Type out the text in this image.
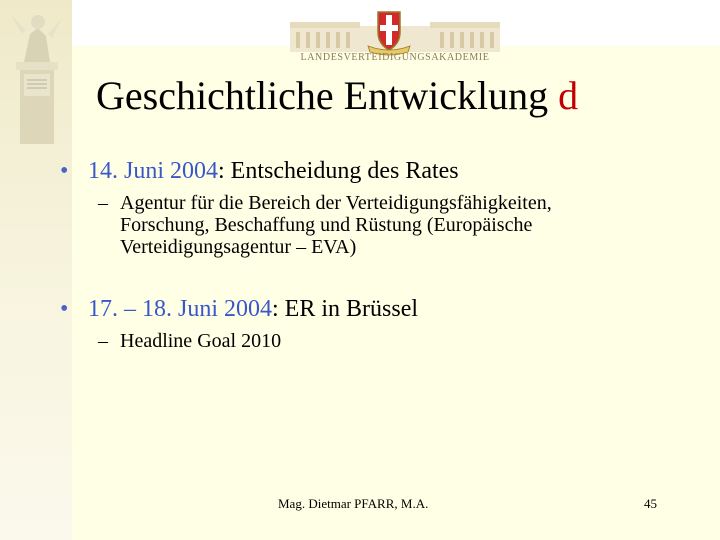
LANDESVERTEIDIGUNGSAKADEMIE
Geschichtliche Entwicklung d
• 14. Juni 2004: Entscheidung des Rates
– Agentur für die Bereich der Verteidigungsfähigkeiten,
Forschung, Beschaffung und Rüstung (Europäische
Verteidigungsagentur – EVA)
• 17. – 18. Juni 2004: ER in Brüssel
– Headline Goal 2010
Mag. Dietmar PFARR, M.A.	45
